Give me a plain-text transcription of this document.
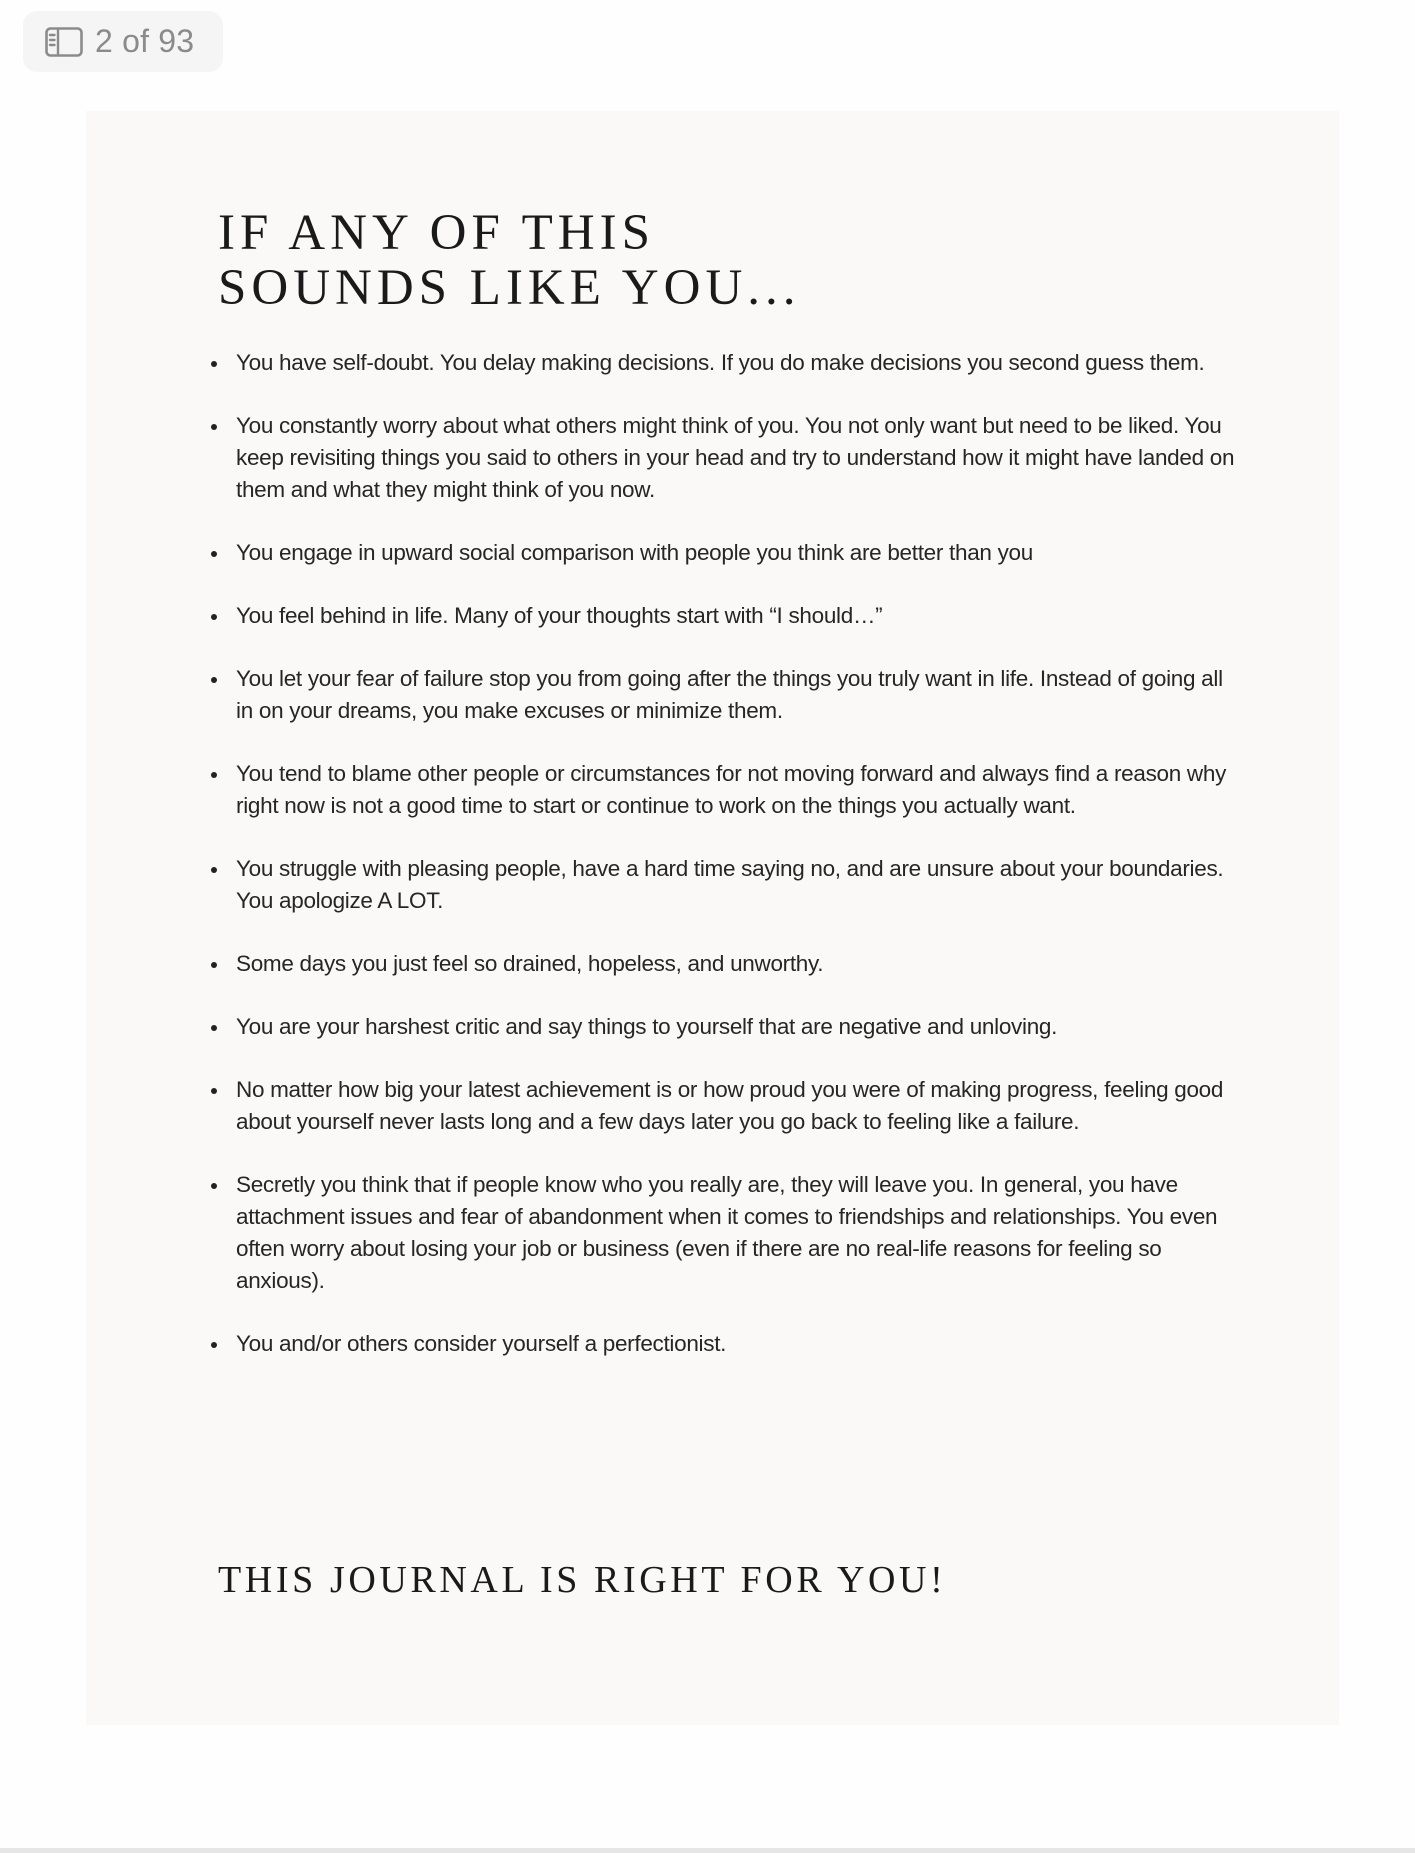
2 of 93
IF ANY OF THIS
SOUNDS LIKE YOU...
You have self-doubt. You delay making decisions. If you do make decisions you second guess them.
You constantly worry about what others might think of you. You not only want but need to be liked. You keep revisiting things you said to others in your head and try to understand how it might have landed on them and what they might think of you now.
You engage in upward social comparison with people you think are better than you
You feel behind in life. Many of your thoughts start with “I should…”
You let your fear of failure stop you from going after the things you truly want in life. Instead of going all in on your dreams, you make excuses or minimize them.
You tend to blame other people or circumstances for not moving forward and always find a reason why right now is not a good time to start or continue to work on the things you actually want.
You struggle with pleasing people, have a hard time saying no, and are unsure about your boundaries. You apologize A LOT.
Some days you just feel so drained, hopeless, and unworthy.
You are your harshest critic and say things to yourself that are negative and unloving.
No matter how big your latest achievement is or how proud you were of making progress, feeling good about yourself never lasts long and a few days later you go back to feeling like a failure.
Secretly you think that if people know who you really are, they will leave you. In general, you have attachment issues and fear of abandonment when it comes to friendships and relationships. You even often worry about losing your job or business (even if there are no real-life reasons for feeling so anxious).
You and/or others consider yourself a perfectionist.
THIS JOURNAL IS RIGHT FOR YOU!
